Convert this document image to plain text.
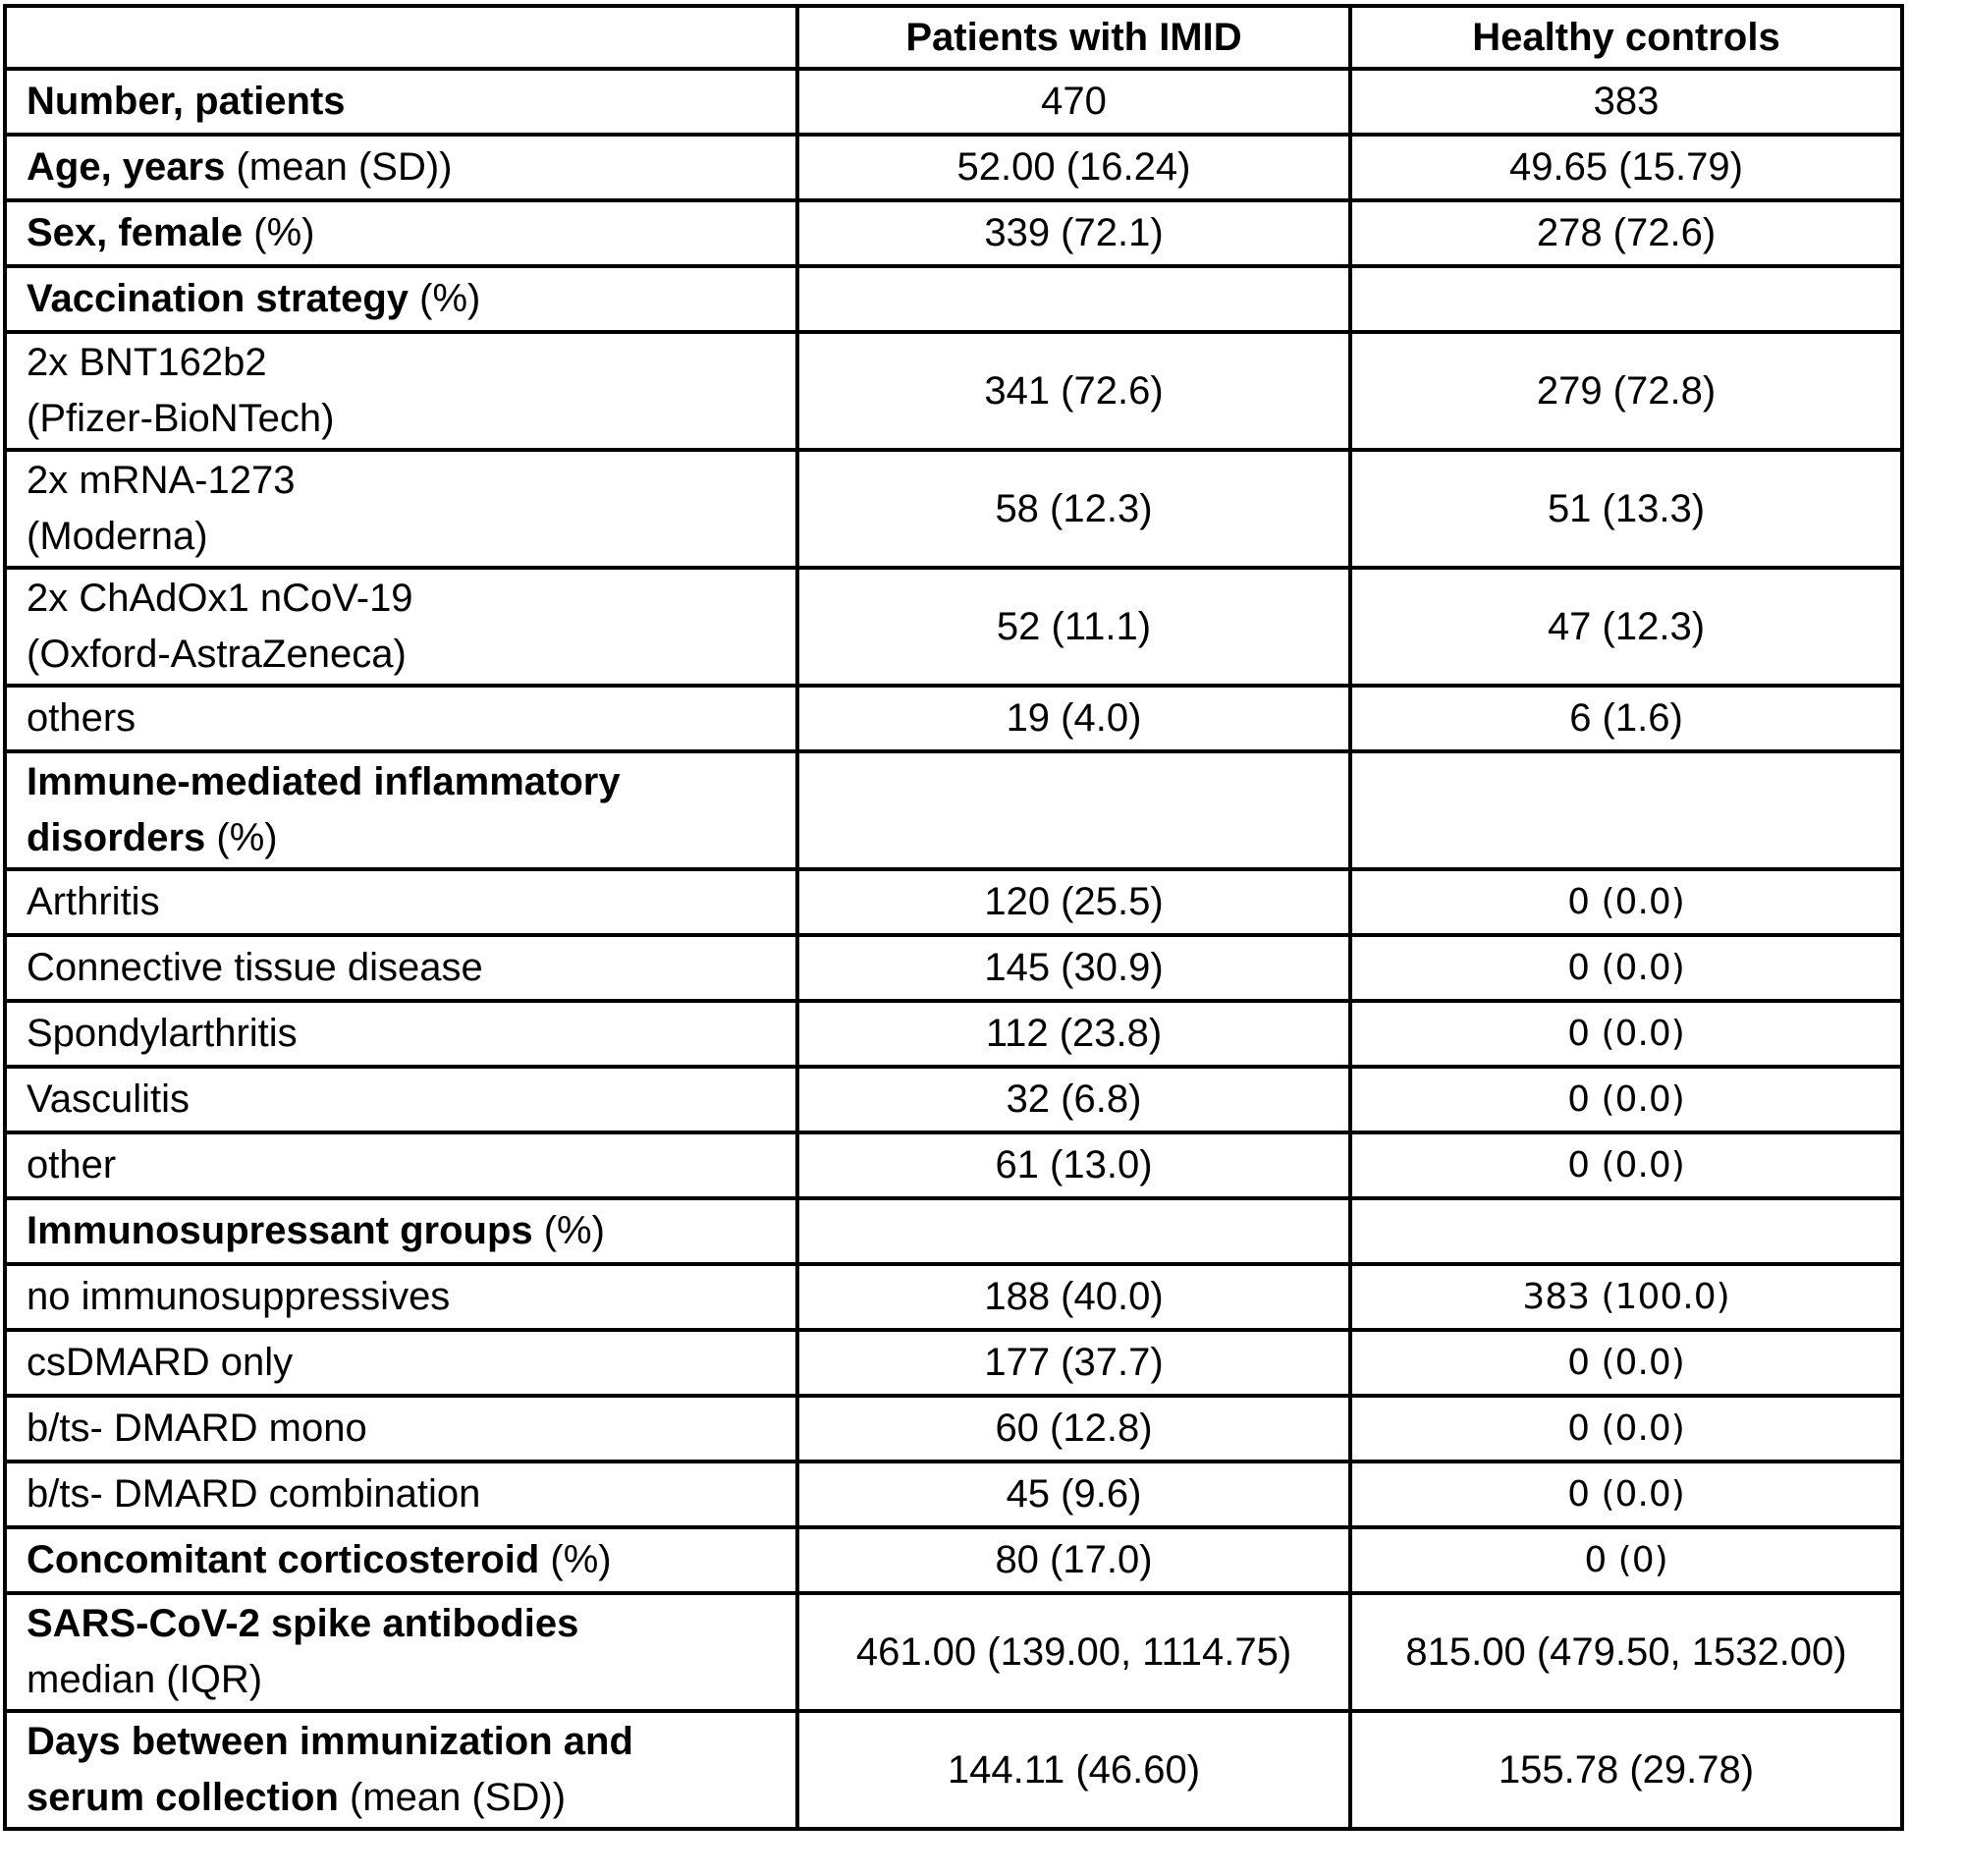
	Patients with IMID	Healthy controls
Number, patients	470	383
Age, years (mean (SD))	52.00 (16.24)	49.65 (15.79)
Sex, female (%)	339 (72.1)	278 (72.6)
Vaccination strategy (%)		
2x BNT162b2
(Pfizer-BioNTech)	341 (72.6)	279 (72.8)
2x mRNA-1273
(Moderna)	58 (12.3)	51 (13.3)
2x ChAdOx1 nCoV-19
(Oxford-AstraZeneca)	52 (11.1)	47 (12.3)
others	19 (4.0)	6 (1.6)
Immune-mediated inflammatory
disorders (%)		
Arthritis	120 (25.5)	0 (0.0)
Connective tissue disease	145 (30.9)	0 (0.0)
Spondylarthritis	112 (23.8)	0 (0.0)
Vasculitis	32 (6.8)	0 (0.0)
other	61 (13.0)	0 (0.0)
Immunosupressant groups (%)		
no immunosuppressives	188 (40.0)	383 (100.0)
csDMARD only	177 (37.7)	0 (0.0)
b/ts- DMARD mono	60 (12.8)	0 (0.0)
b/ts- DMARD combination	45 (9.6)	0 (0.0)
Concomitant corticosteroid (%)	80 (17.0)	0 (0)
SARS-CoV-2 spike antibodies
median (IQR)	461.00 (139.00, 1114.75)	815.00 (479.50, 1532.00)
Days between immunization and
serum collection (mean (SD))	144.11 (46.60)	155.78 (29.78)
